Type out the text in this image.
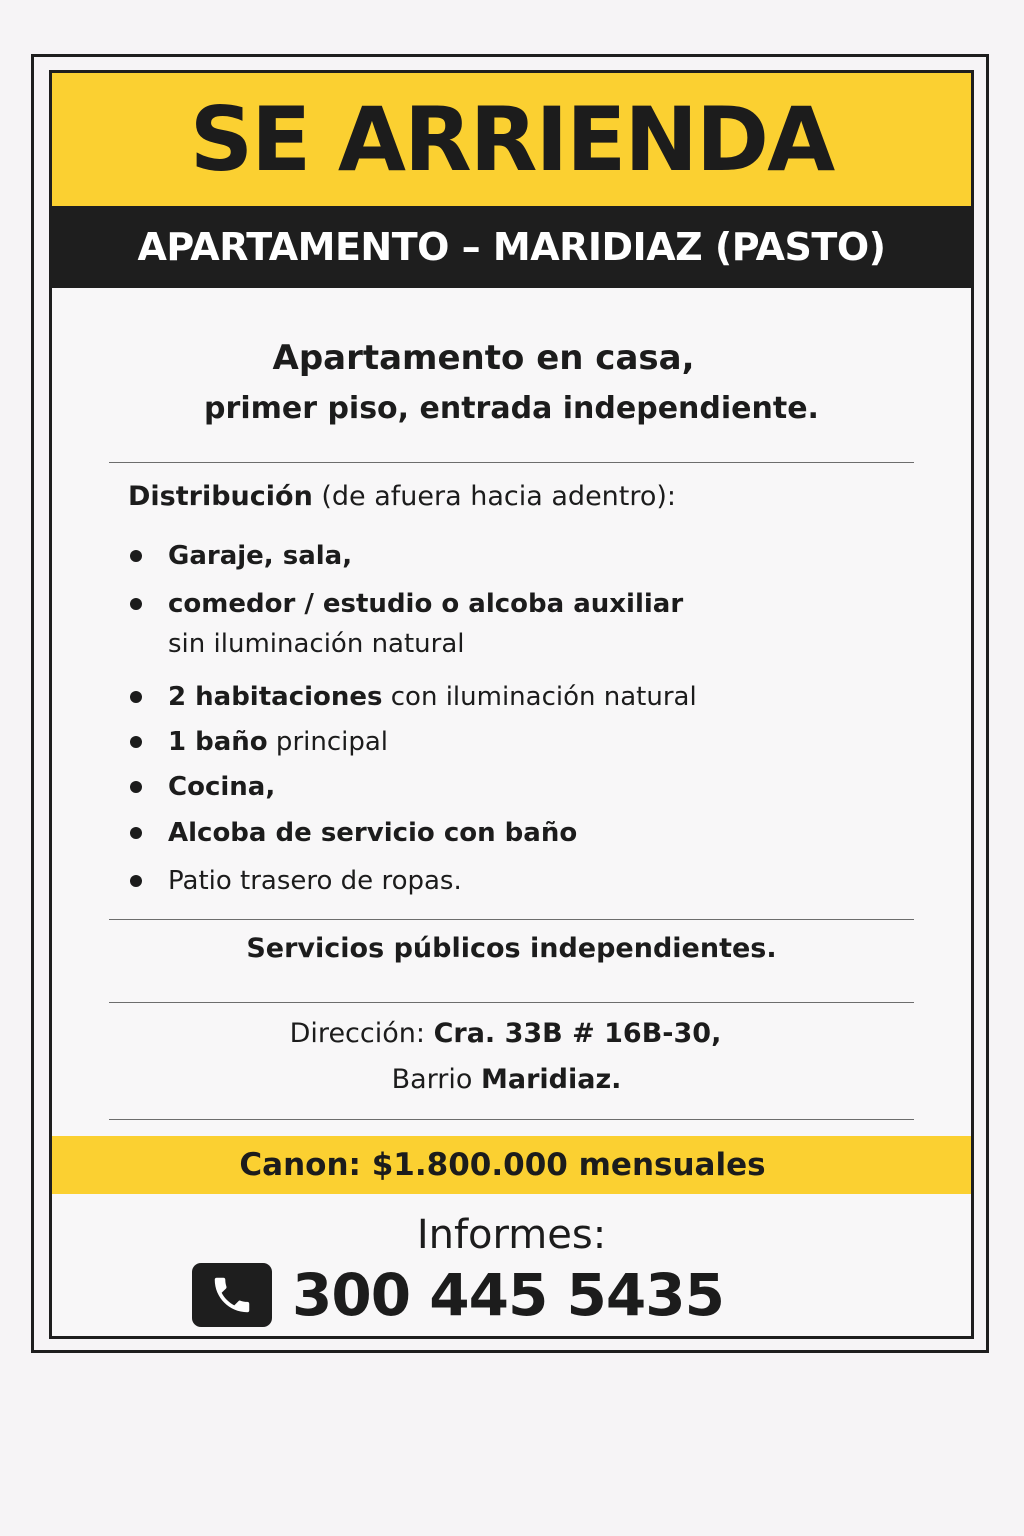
SE ARRIENDA
APARTAMENTO – MARIDIAZ (PASTO)
Apartamento en casa,
primer piso, entrada independiente.
Distribución (de afuera hacia adentro):
Garaje, sala,
comedor / estudio o alcoba auxiliar
sin iluminación natural
2 habitaciones con iluminación natural
1 baño principal
Cocina,
Alcoba de servicio con baño
Patio trasero de ropas.
Servicios públicos independientes.
Dirección: Cra. 33B # 16B-30,
Barrio Maridiaz.
Canon: $1.800.000 mensuales
Informes:
300 445 5435
